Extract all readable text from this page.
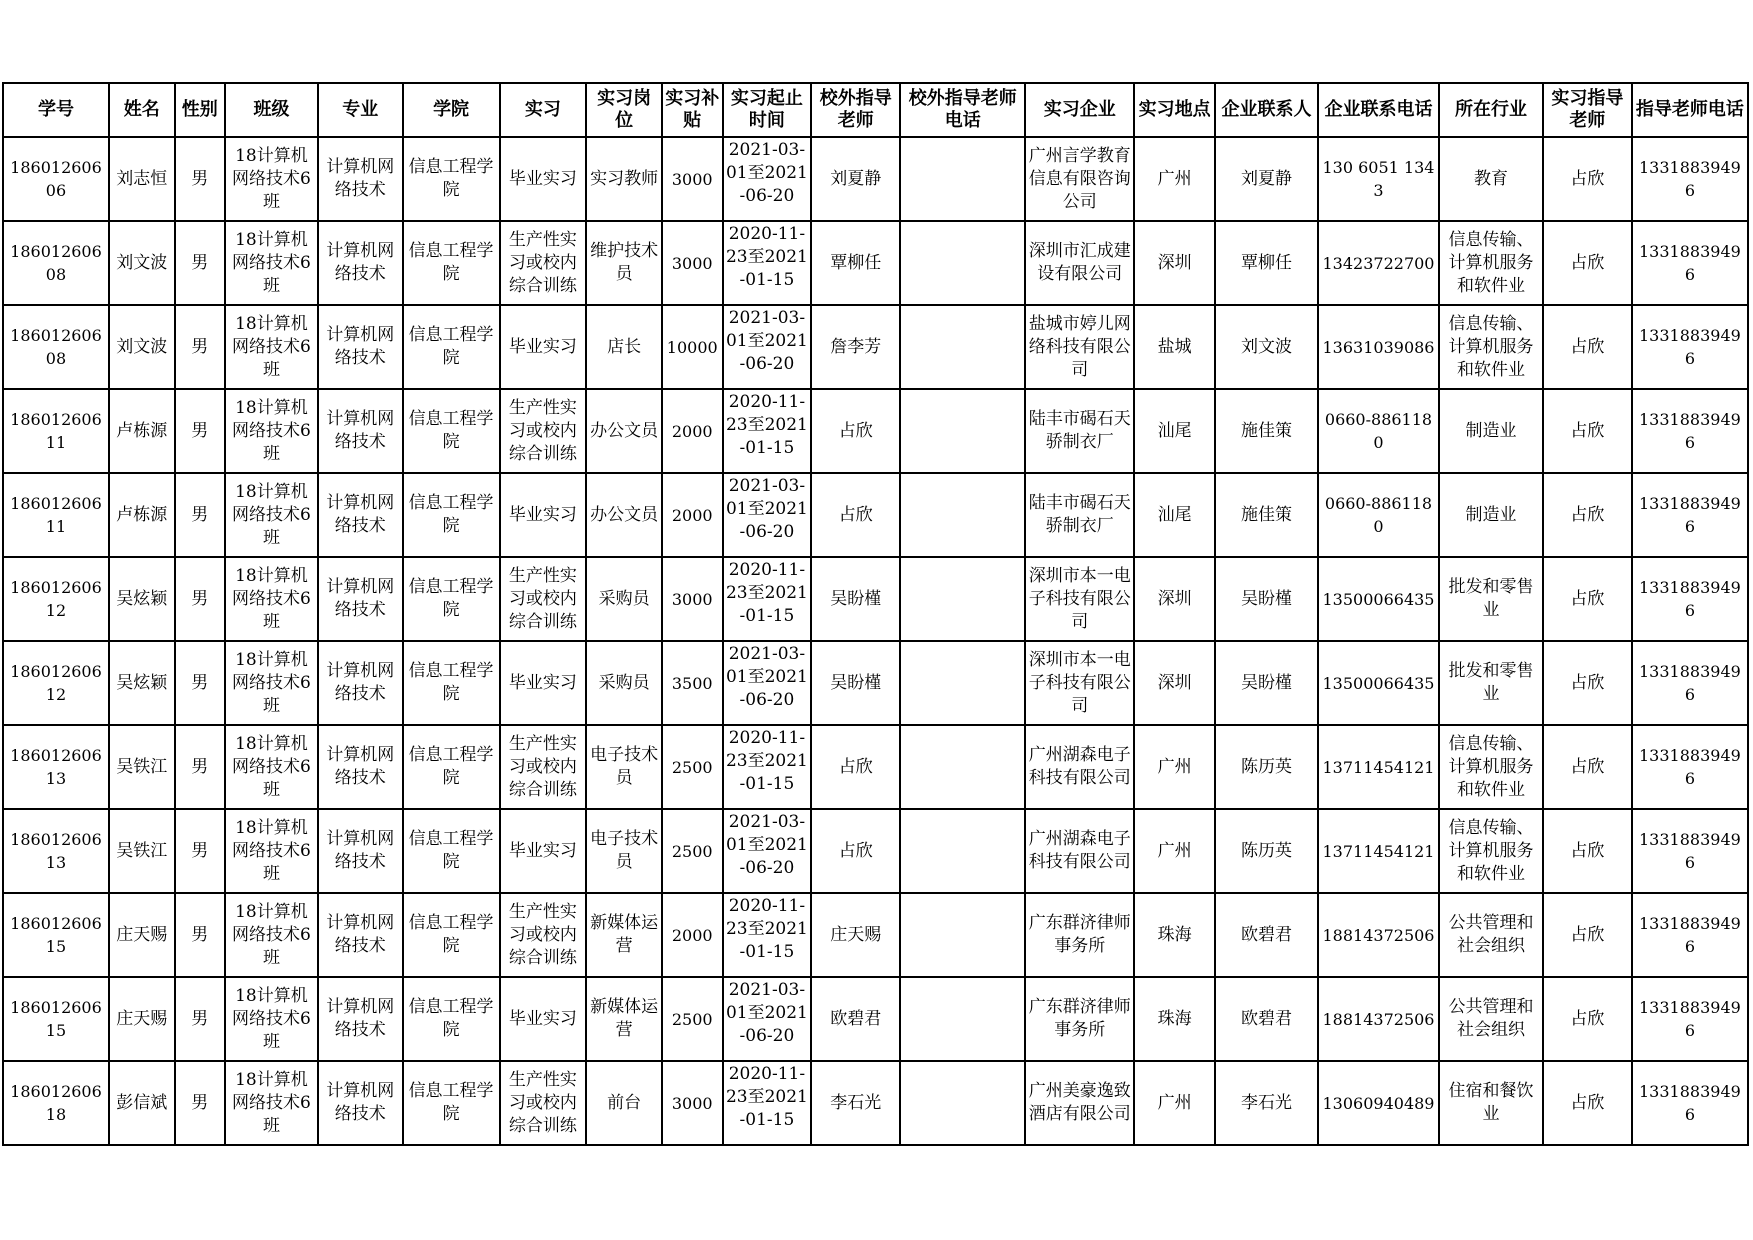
学号	姓名	性别	班级	专业	学院	实习	实习岗位	实习补贴	实习起止时间	校外指导老师	校外指导老师电话	实习企业	实习地点	企业联系人	企业联系电话	所在行业	实习指导老师	指导老师电话

18601260606	刘志恒	男	18计算机网络技术6班	计算机网络技术	信息工程学院	毕业实习	实习教师	3000	2021-03-01至2021-06-20	刘夏静		广州言学教育信息有限咨询公司	广州	刘夏静	130 6051 1343	教育	占欣	13318839496

18601260608	刘文波	男	18计算机网络技术6班	计算机网络技术	信息工程学院	生产性实习或校内综合训练	维护技术员	3000	2020-11-23至2021-01-15	覃柳任		深圳市汇成建设有限公司	深圳	覃柳任	13423722700	信息传输、计算机服务和软件业	占欣	13318839496

18601260608	刘文波	男	18计算机网络技术6班	计算机网络技术	信息工程学院	毕业实习	店长	10000	2021-03-01至2021-06-20	詹李芳		盐城市婷儿网络科技有限公司	盐城	刘文波	13631039086	信息传输、计算机服务和软件业	占欣	13318839496

18601260611	卢栋源	男	18计算机网络技术6班	计算机网络技术	信息工程学院	生产性实习或校内综合训练	办公文员	2000	2020-11-23至2021-01-15	占欣		陆丰市碣石天骄制衣厂	汕尾	施佳策	0660-8861180	制造业	占欣	13318839496

18601260611	卢栋源	男	18计算机网络技术6班	计算机网络技术	信息工程学院	毕业实习	办公文员	2000	2021-03-01至2021-06-20	占欣		陆丰市碣石天骄制衣厂	汕尾	施佳策	0660-8861180	制造业	占欣	13318839496

18601260612	吴炫颖	男	18计算机网络技术6班	计算机网络技术	信息工程学院	生产性实习或校内综合训练	采购员	3000	2020-11-23至2021-01-15	吴盼槿		深圳市本一电子科技有限公司	深圳	吴盼槿	13500066435	批发和零售业	占欣	13318839496

18601260612	吴炫颖	男	18计算机网络技术6班	计算机网络技术	信息工程学院	毕业实习	采购员	3500	2021-03-01至2021-06-20	吴盼槿		深圳市本一电子科技有限公司	深圳	吴盼槿	13500066435	批发和零售业	占欣	13318839496

18601260613	吴铁江	男	18计算机网络技术6班	计算机网络技术	信息工程学院	生产性实习或校内综合训练	电子技术员	2500	2020-11-23至2021-01-15	占欣		广州湖森电子科技有限公司	广州	陈历英	13711454121	信息传输、计算机服务和软件业	占欣	13318839496

18601260613	吴铁江	男	18计算机网络技术6班	计算机网络技术	信息工程学院	毕业实习	电子技术员	2500	2021-03-01至2021-06-20	占欣		广州湖森电子科技有限公司	广州	陈历英	13711454121	信息传输、计算机服务和软件业	占欣	13318839496

18601260615	庄天赐	男	18计算机网络技术6班	计算机网络技术	信息工程学院	生产性实习或校内综合训练	新媒体运营	2000	2020-11-23至2021-01-15	庄天赐		广东群济律师事务所	珠海	欧碧君	18814372506	公共管理和社会组织	占欣	13318839496

18601260615	庄天赐	男	18计算机网络技术6班	计算机网络技术	信息工程学院	毕业实习	新媒体运营	2500	2021-03-01至2021-06-20	欧碧君		广东群济律师事务所	珠海	欧碧君	18814372506	公共管理和社会组织	占欣	13318839496

18601260618	彭信斌	男	18计算机网络技术6班	计算机网络技术	信息工程学院	生产性实习或校内综合训练	前台	3000	2020-11-23至2021-01-15	李石光		广州美豪逸致酒店有限公司	广州	李石光	13060940489	住宿和餐饮业	占欣	13318839496
